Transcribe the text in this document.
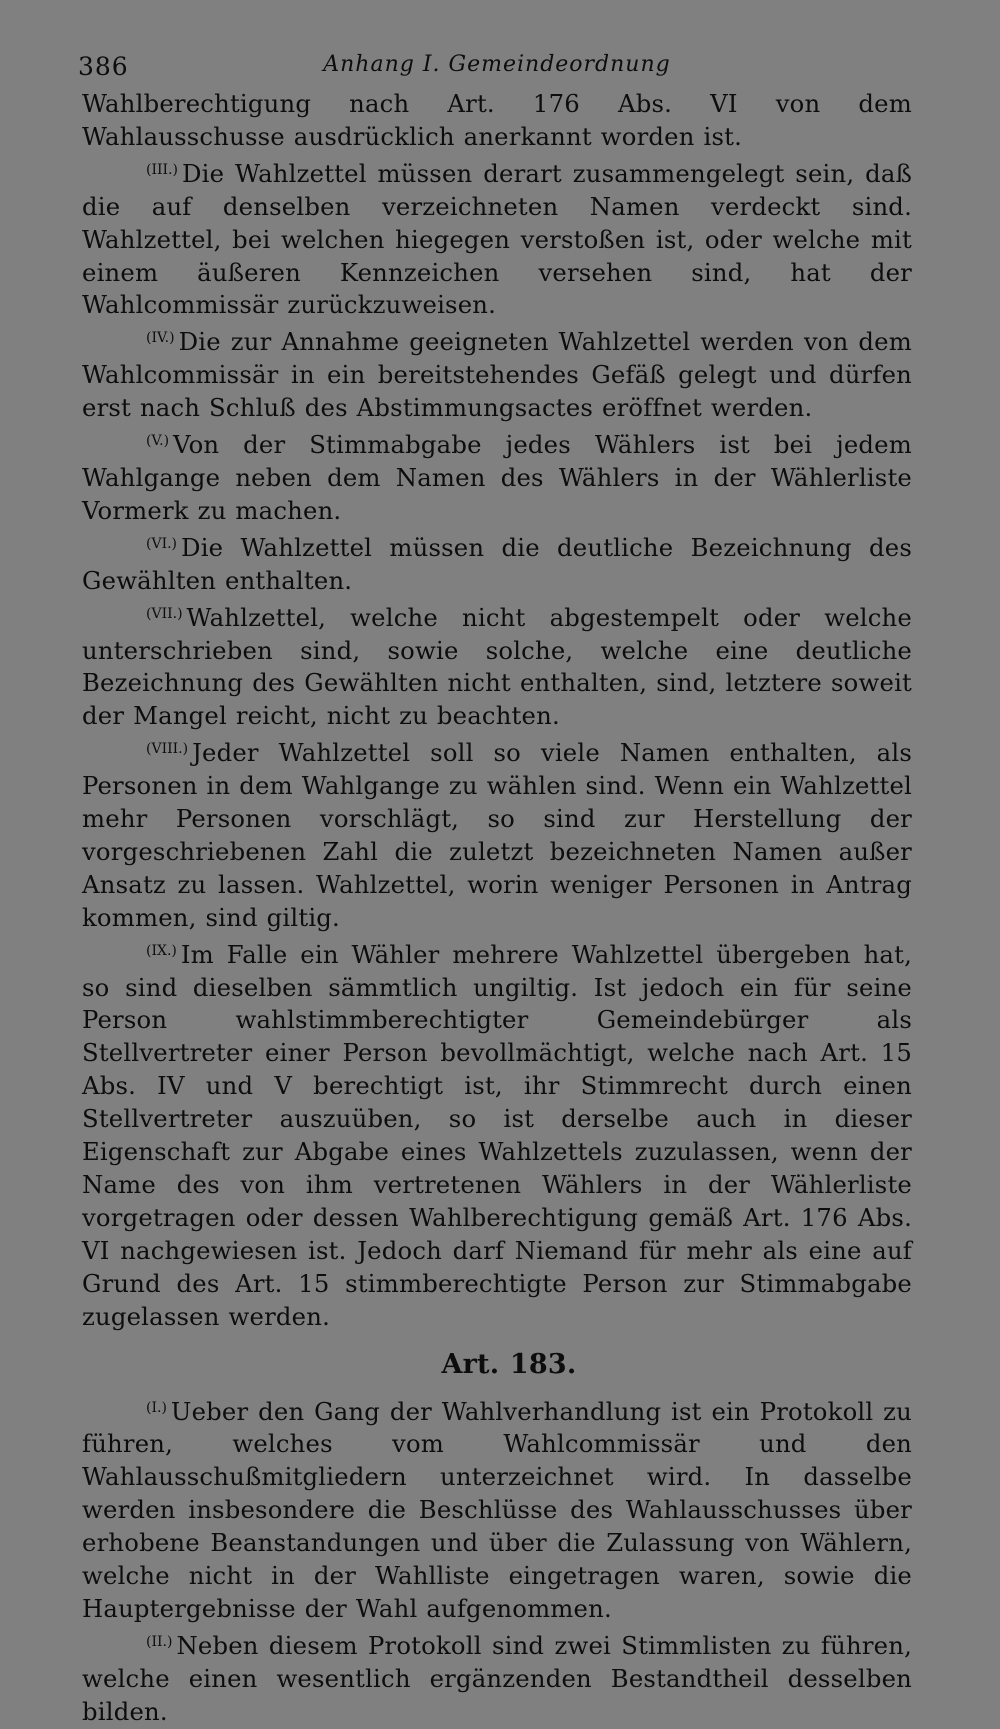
386	Anhang I. Gemeindeordnung

Wahlberechtigung nach Art. 176 Abs. VI von dem Wahlausschusse ausdrücklich anerkannt worden ist.

$^{(III.)}$ Die Wahlzettel müssen derart zusammengelegt sein, daß die auf denselben verzeichneten Namen verdeckt sind. Wahlzettel, bei welchen hiegegen verstoßen ist, oder welche mit einem äußeren Kennzeichen versehen sind, hat der Wahlcommissär zurückzuweisen.

$^{(IV.)}$ Die zur Annahme geeigneten Wahlzettel werden von dem Wahlcommissär in ein bereitstehendes Gefäß gelegt und dürfen erst nach Schluß des Abstimmungsactes eröffnet werden.

$^{(V.)}$ Von der Stimmabgabe jedes Wählers ist bei jedem Wahlgange neben dem Namen des Wählers in der Wählerliste Vormerk zu machen.

$^{(VI.)}$ Die Wahlzettel müssen die deutliche Bezeichnung des Gewählten enthalten.

$^{(VII.)}$ Wahlzettel, welche nicht abgestempelt oder welche unterschrieben sind, sowie solche, welche eine deutliche Bezeichnung des Gewählten nicht enthalten, sind, letztere soweit der Mangel reicht, nicht zu beachten.

$^{(VIII.)}$ Jeder Wahlzettel soll so viele Namen enthalten, als Personen in dem Wahlgange zu wählen sind. Wenn ein Wahlzettel mehr Personen vorschlägt, so sind zur Herstellung der vorgeschriebenen Zahl die zuletzt bezeichneten Namen außer Ansatz zu lassen. Wahlzettel, worin weniger Personen in Antrag kommen, sind giltig.

$^{(IX.)}$ Im Falle ein Wähler mehrere Wahlzettel übergeben hat, so sind dieselben sämmtlich ungiltig. Ist jedoch ein für seine Person wahlstimmberechtigter Gemeindebürger als Stellvertreter einer Person bevollmächtigt, welche nach Art. 15 Abs. IV und V berechtigt ist, ihr Stimmrecht durch einen Stellvertreter auszuüben, so ist derselbe auch in dieser Eigenschaft zur Abgabe eines Wahlzettels zuzulassen, wenn der Name des von ihm vertretenen Wählers in der Wählerliste vorgetragen oder dessen Wahlberechtigung gemäß Art. 176 Abs. VI nachgewiesen ist. Jedoch darf Niemand für mehr als eine auf Grund des Art. 15 stimmberechtigte Person zur Stimmabgabe zugelassen werden.

Art. 183.

$^{(I.)}$ Ueber den Gang der Wahlverhandlung ist ein Protokoll zu führen, welches vom Wahlcommissär und den Wahlausschußmitgliedern unterzeichnet wird. In dasselbe werden insbesondere die Beschlüsse des Wahlausschusses über erhobene Beanstandungen und über die Zulassung von Wählern, welche nicht in der Wahlliste eingetragen waren, sowie die Hauptergebnisse der Wahl aufgenommen.

$^{(II.)}$ Neben diesem Protokoll sind zwei Stimmlisten zu führen, welche einen wesentlich ergänzenden Bestandtheil desselben bilden.
